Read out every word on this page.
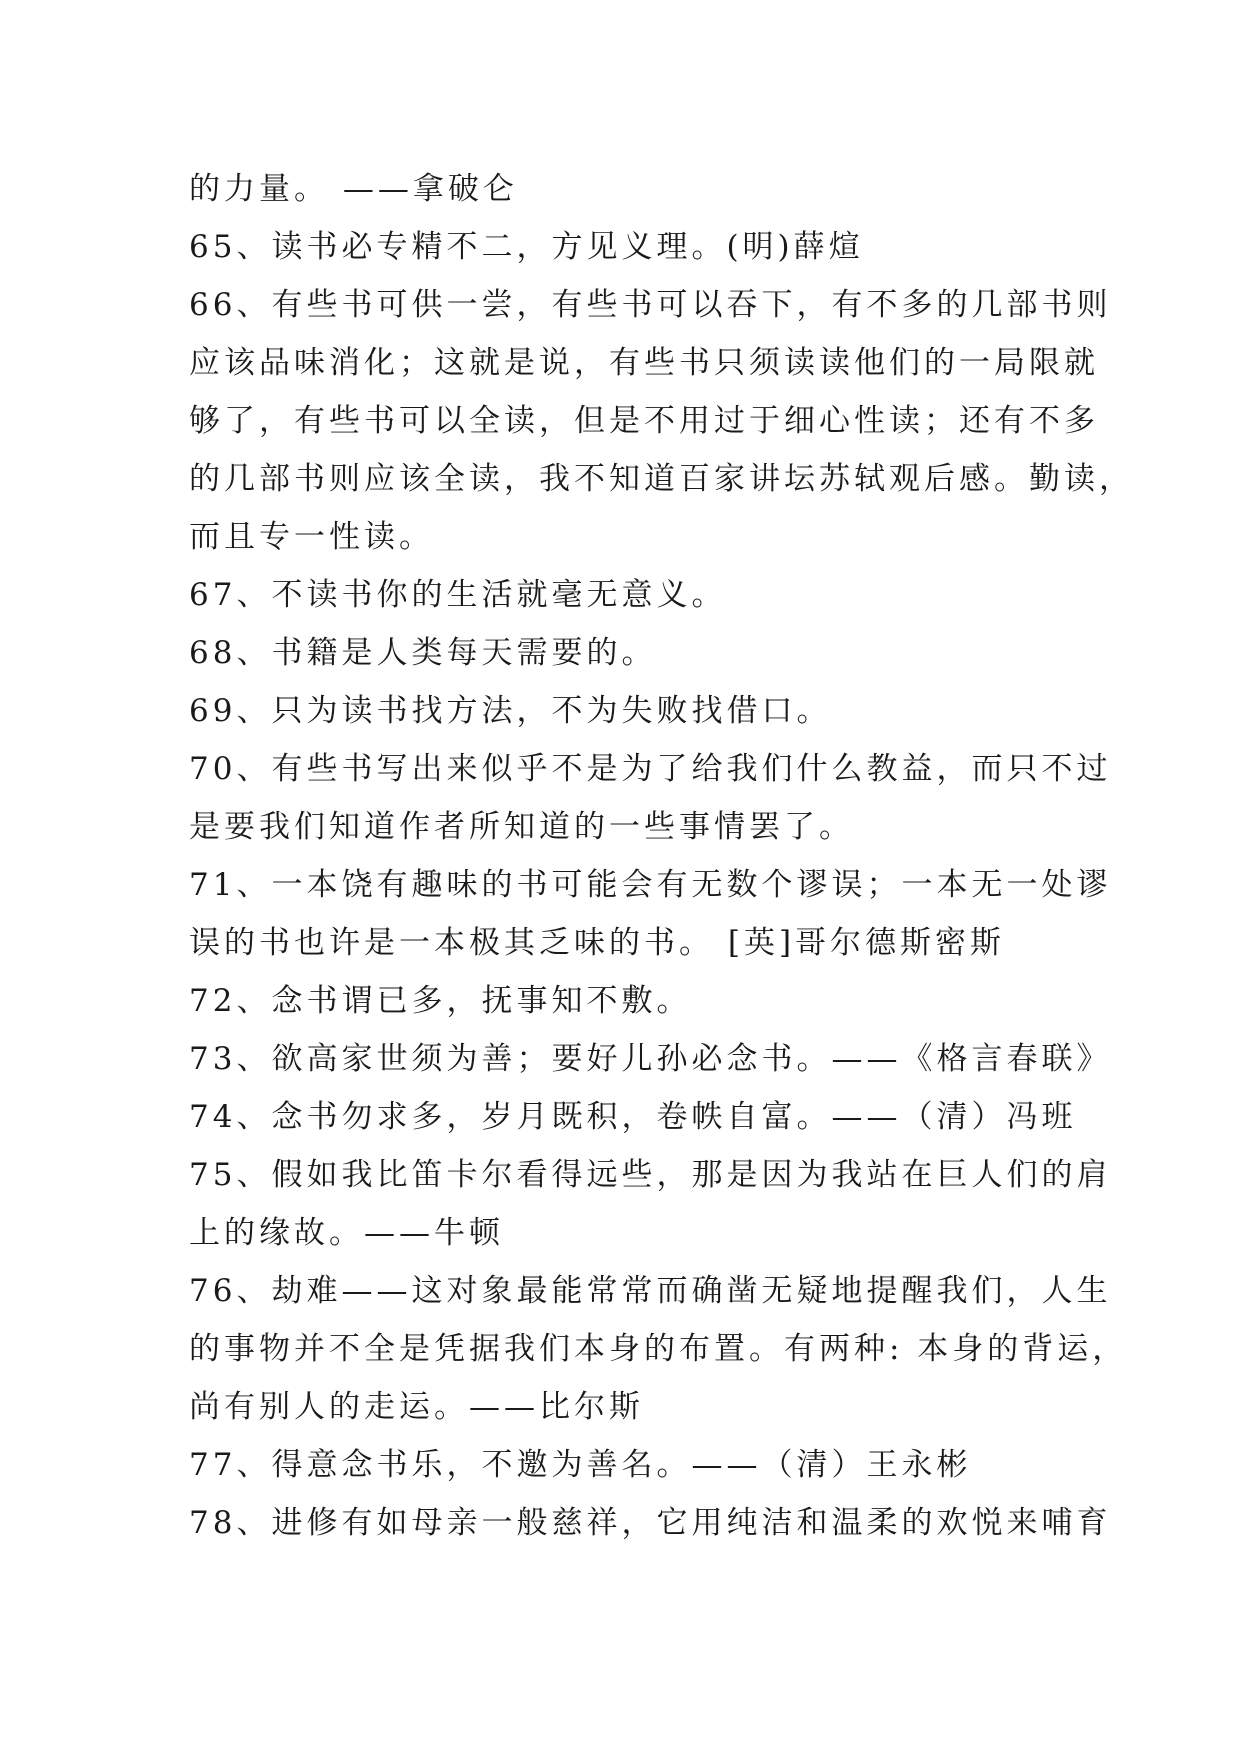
的力量。 ——拿破仑
65、读书必专精不二，方见义理。(明)薛煊
66、有些书可供一尝，有些书可以吞下，有不多的几部书则
应该品味消化；这就是说，有些书只须读读他们的一局限就
够了，有些书可以全读，但是不用过于细心性读；还有不多
的几部书则应该全读，我不知道百家讲坛苏轼观后感。勤读，
而且专一性读。
67、不读书你的生活就毫无意义。
68、书籍是人类每天需要的。
69、只为读书找方法，不为失败找借口。
70、有些书写出来似乎不是为了给我们什么教益，而只不过
是要我们知道作者所知道的一些事情罢了。
71、一本饶有趣味的书可能会有无数个谬误；一本无一处谬
误的书也许是一本极其乏味的书。 [英]哥尔德斯密斯
72、念书谓已多，抚事知不敷。
73、欲高家世须为善；要好儿孙必念书。——《格言春联》
74、念书勿求多，岁月既积，卷帙自富。——（清）冯班
75、假如我比笛卡尔看得远些，那是因为我站在巨人们的肩
上的缘故。——牛顿
76、劫难——这对象最能常常而确凿无疑地提醒我们，人生
的事物并不全是凭据我们本身的布置。有两种: 本身的背运，
尚有别人的走运。——比尔斯
77、得意念书乐，不邀为善名。——（清）王永彬
78、进修有如母亲一般慈祥，它用纯洁和温柔的欢悦来哺育
